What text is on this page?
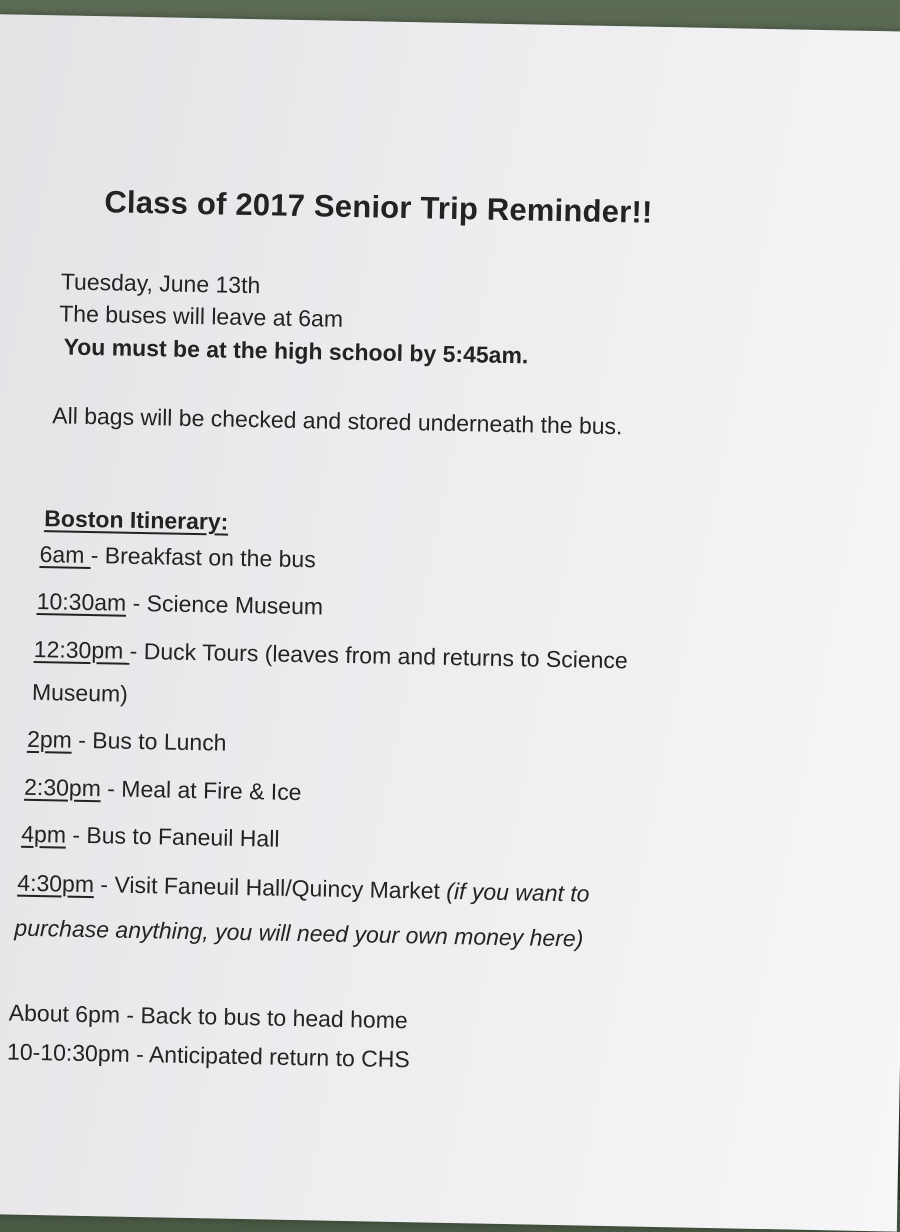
Class of 2017 Senior Trip Reminder!!
Tuesday, June 13th
The buses will leave at 6am
You must be at the high school by 5:45am.
All bags will be checked and stored underneath the bus.
Boston Itinerary:
6am - Breakfast on the bus
10:30am - Science Museum
12:30pm - Duck Tours (leaves from and returns to Science
Museum)
2pm - Bus to Lunch
2:30pm - Meal at Fire & Ice
4pm - Bus to Faneuil Hall
4:30pm - Visit Faneuil Hall/Quincy Market (if you want to
purchase anything, you will need your own money here)
About 6pm - Back to bus to head home
10-10:30pm - Anticipated return to CHS
